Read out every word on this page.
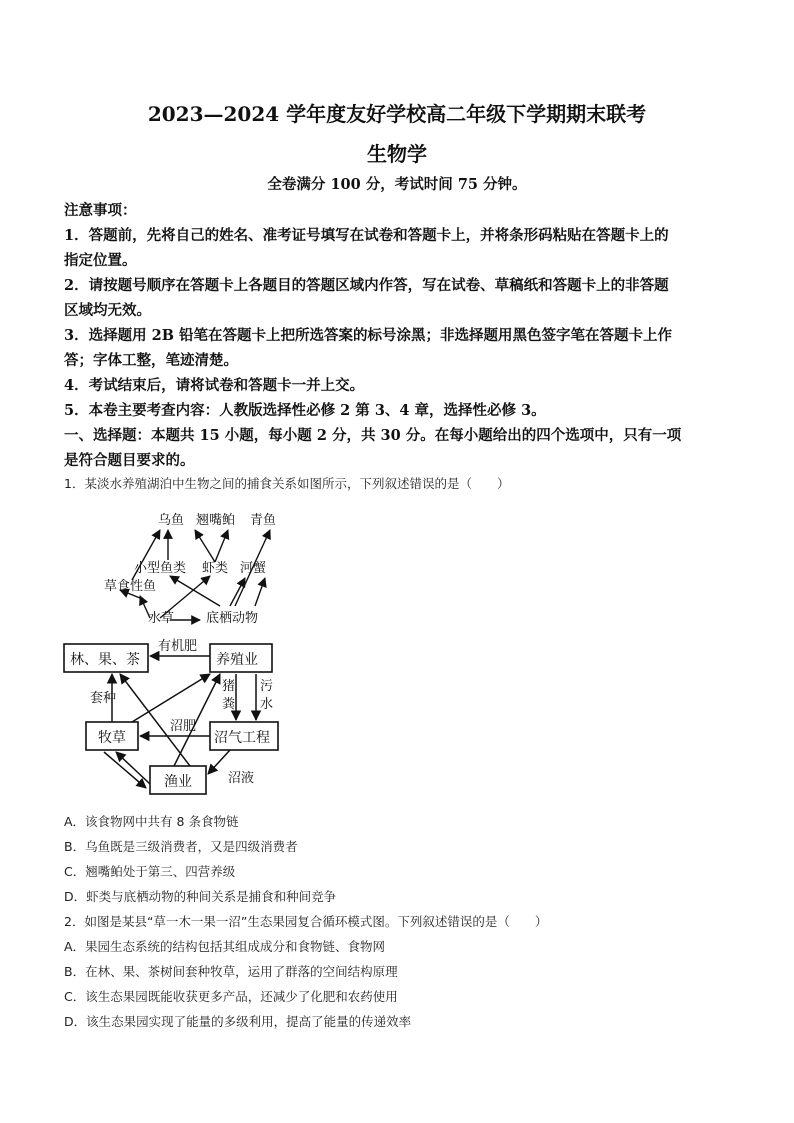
2023—2024 学年度友好学校高二年级下学期期末联考
生物学
全卷满分 100 分，考试时间 75 分钟。

注意事项：

1．答题前，先将自己的姓名、准考证号填写在试卷和答题卡上，并将条形码粘贴在答题卡上的

指定位置。

2．请按题号顺序在答题卡上各题目的答题区域内作答，写在试卷、草稿纸和答题卡上的非答题

区域均无效。

3．选择题用 2B 铅笔在答题卡上把所选答案的标号涂黑；非选择题用黑色签字笔在答题卡上作

答；字体工整，笔迹清楚。

4．考试结束后，请将试卷和答题卡一并上交。

5．本卷主要考查内容：人教版选择性必修 2 第 3、4 章，选择性必修 3。

一、选择题：本题共 15 小题，每小题 2 分，共 30 分。在每小题给出的四个选项中，只有一项

是符合题目要求的。

1．某淡水养殖湖泊中生物之间的捕食关系如图所示，下列叙述错误的是（　　）
乌鱼 翘嘴鲌 青鱼
小型鱼类 虾类 河蟹
草食性鱼
水草 底栖动物
林、果、茶	养殖业
牧草	沼气工程
渔业
有机肥
猪
粪
污
水
套种
沼肥
沼液
A．该食物网中共有 8 条食物链
B．乌鱼既是三级消费者，又是四级消费者
C．翘嘴鲌处于第三、四营养级
D．虾类与底栖动物的种间关系是捕食和种间竞争
2．如图是某县“草一木一果一沼”生态果园复合循环模式图。下列叙述错误的是（　　）
A．果园生态系统的结构包括其组成成分和食物链、食物网
B．在林、果、茶树间套种牧草，运用了群落的空间结构原理
C．该生态果园既能收获更多产品，还减少了化肥和农药使用
D．该生态果园实现了能量的多级利用，提高了能量的传递效率
